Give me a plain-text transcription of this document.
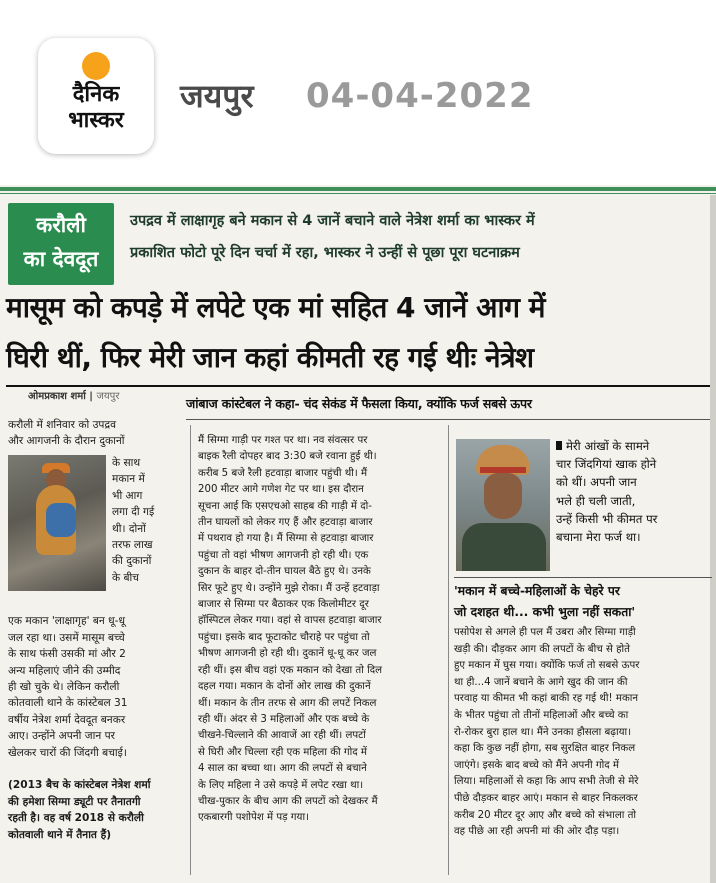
दैनिक
भास्कर
जयपुर 04-04-2022
करौली
का देवदूत
उपद्रव में लाक्षागृह बने मकान से 4 जानें बचाने वाले नेत्रेश शर्मा का भास्कर में
प्रकाशित फोटो पूरे दिन चर्चा में रहा, भास्कर ने उन्हीं से पूछा पूरा घटनाक्रम
मासूम को कपड़े में लपेटे एक मां सहित 4 जानें आग में
घिरी थीं, फिर मेरी जान कहां कीमती रह गई थीः नेत्रेश
ओमप्रकाश शर्मा | जयपुर	जांबाज कांस्टेबल ने कहा- चंद सेकंड में फैसला किया, क्योंकि फर्ज सबसे ऊपर
करौली में शनिवार को उपद्रव
और आगजनी के दौरान दुकानों
के साथ
मकान में
भी आग
लगा दी गई
थी। दोनों
तरफ लाख
की दुकानों
के बीच

एक मकान 'लाक्षागृह' बन धू-धू
जल रहा था। उसमें मासूम बच्चे
के साथ फंसी उसकी मां और 2
अन्य महिलाएं जीने की उम्मीद
ही खो चुके थे। लेकिन करौली
कोतवाली थाने के कांस्टेबल 31
वर्षीय नेत्रेश शर्मा देवदूत बनकर
आए। उन्होंने अपनी जान पर
खेलकर चारों की जिंदगी बचाई।

(2013 बैच के कांस्टेबल नेत्रेश शर्मा
की हमेशा सिग्मा ड्यूटी पर तैनातगी
रहती है। वह वर्ष 2018 से करौली
कोतवाली थाने में तैनात हैं)

मैं सिग्मा गाड़ी पर गश्त पर था। नव संवत्सर पर
बाइक रैली दोपहर बाद 3:30 बजे रवाना हुई थी।
करीब 5 बजे रैली हटवाड़ा बाजार पहुंची थी। मैं
200 मीटर आगे गणेश गेट पर था। इस दौरान
सूचना आई कि एसएचओ साहब की गाड़ी में दो-
तीन घायलों को लेकर गए हैं और हटवाड़ा बाजार
में पथराव हो गया है। मैं सिग्मा से हटवाड़ा बाजार
पहुंचा तो वहां भीषण आगजनी हो रही थी। एक
दुकान के बाहर दो-तीन घायल बैठे हुए थे। उनके
सिर फूटे हुए थे। उन्होंने मुझे रोका। मैं उन्हें हटवाड़ा
बाजार से सिग्मा पर बैठाकर एक किलोमीटर दूर
हॉस्पिटल लेकर गया। वहां से वापस हटवाड़ा बाजार
पहुंचा। इसके बाद फूटाकोट चौराहे पर पहुंचा तो
भीषण आगजनी हो रही थी। दुकानें धू-धू कर जल
रही थीं। इस बीच वहां एक मकान को देखा तो दिल
दहल गया। मकान के दोनों ओर लाख की दुकानें
थीं। मकान के तीन तरफ से आग की लपटें निकल
रही थीं। अंदर से 3 महिलाओं और एक बच्चे के
चीखने-चिल्लाने की आवाजें आ रही थीं। लपटों
से घिरी और चिल्ला रही एक महिला की गोद में
4 साल का बच्चा था। आग की लपटों से बचाने
के लिए महिला ने उसे कपड़े में लपेट रखा था।
चीख-पुकार के बीच आग की लपटों को देखकर मैं
एकबारगी पशोपेश में पड़ गया।
मेरी आंखों के सामने
चार जिंदगियां खाक होने
को थीं। अपनी जान
भले ही चली जाती,
उन्हें किसी भी कीमत पर
बचाना मेरा फर्ज था।
'मकान में बच्चे-महिलाओं के चेहरे पर
जो दशहत थी... कभी भुला नहीं सकता'
पसोपेश से अगले ही पल मैं उबरा और सिग्मा गाड़ी
खड़ी की। दौड़कर आग की लपटों के बीच से होते
हुए मकान में घुस गया। क्योंकि फर्ज तो सबसे ऊपर
था ही...4 जानें बचाने के आगे खुद की जान की
परवाह या कीमत भी कहां बाकी रह गई थी! मकान
के भीतर पहुंचा तो तीनों महिलाओं और बच्चे का
रो-रोकर बुरा हाल था। मैंने उनका हौसला बढ़ाया।
कहा कि कुछ नहीं होगा, सब सुरक्षित बाहर निकल
जाएंगे। इसके बाद बच्चे को मैंने अपनी गोद में
लिया। महिलाओं से कहा कि आप सभी तेजी से मेरे
पीछे दौड़कर बाहर आएं। मकान से बाहर निकलकर
करीब 20 मीटर दूर आए और बच्चे को संभाला तो
वह पीछे आ रही अपनी मां की ओर दौड़ पड़ा।
